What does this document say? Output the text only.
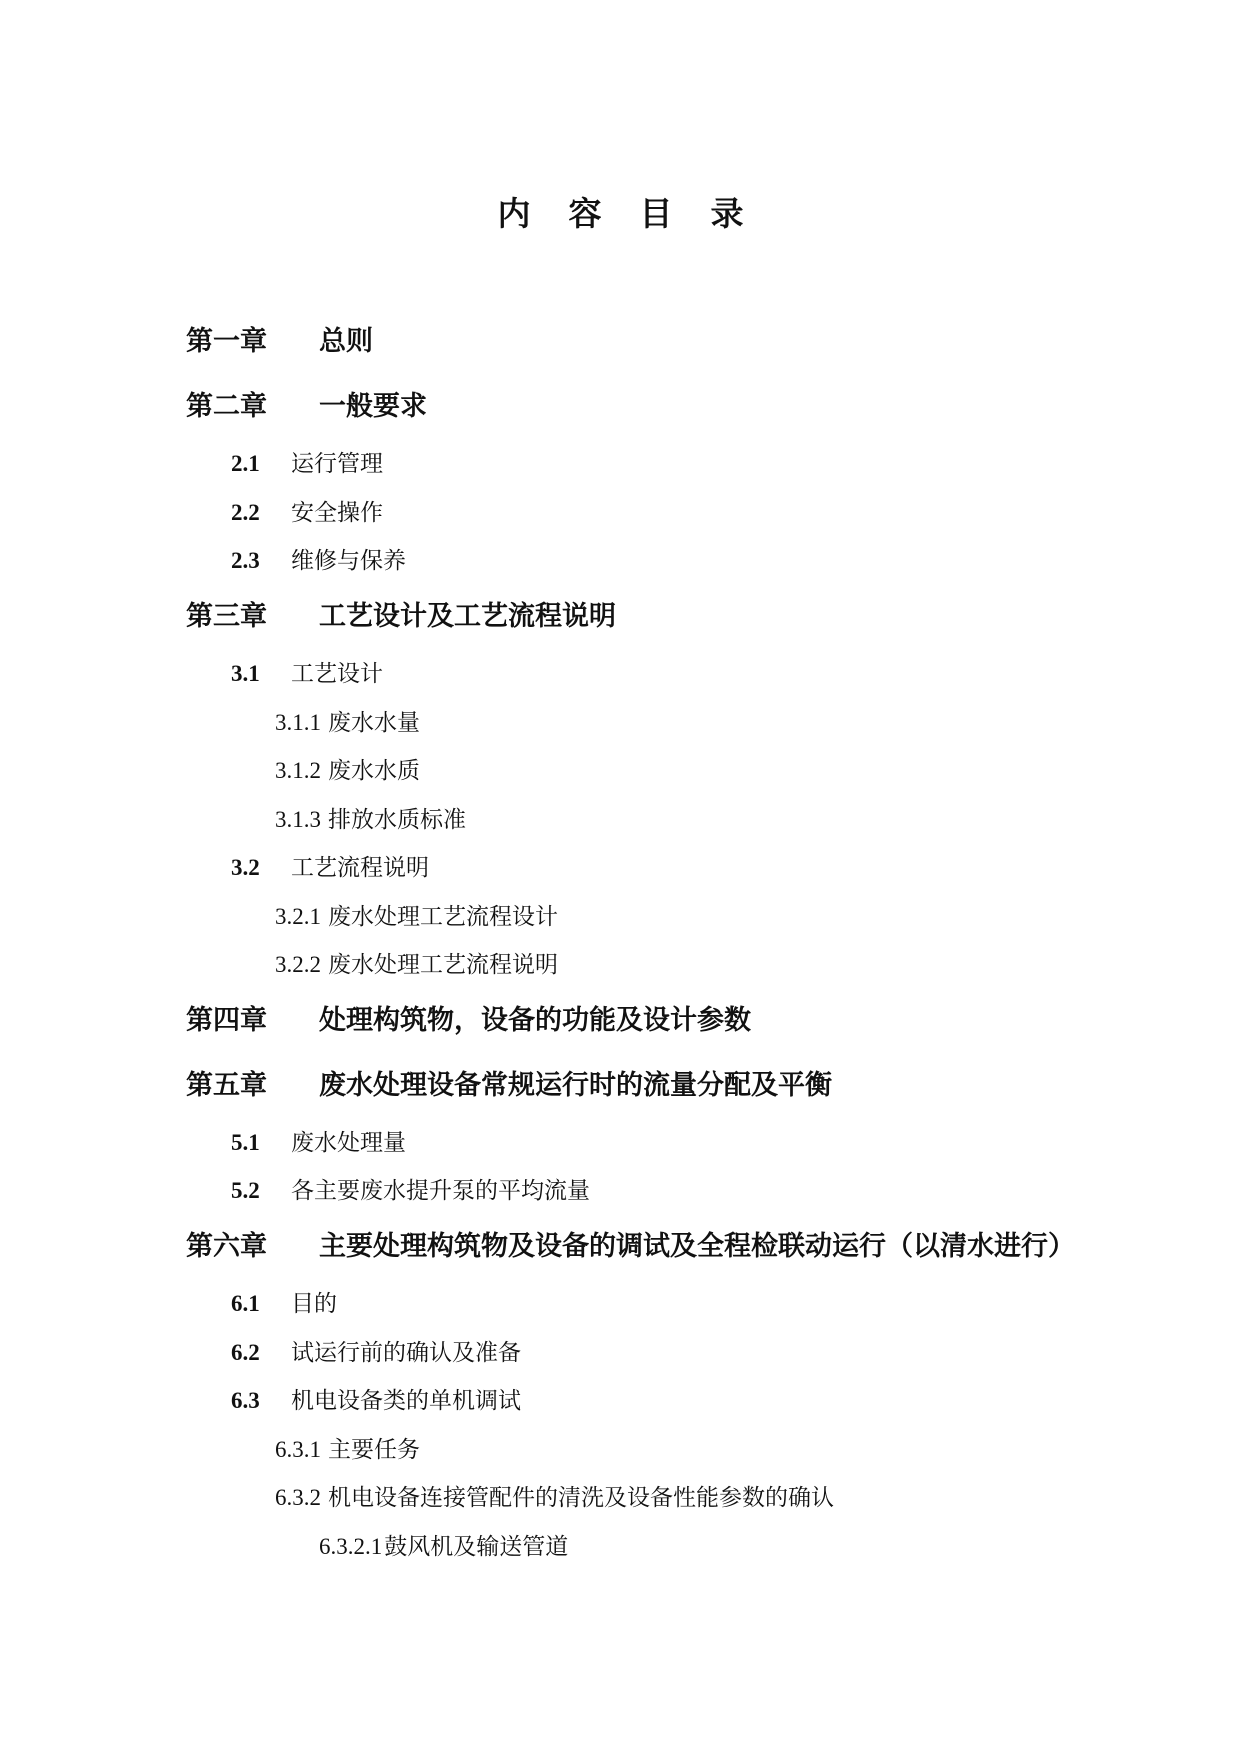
内容目录
第一章 总则
第二章 一般要求
2.1 运行管理
2.2 安全操作
2.3 维修与保养
第三章 工艺设计及工艺流程说明
3.1 工艺设计
3.1.1 废水水量
3.1.2 废水水质
3.1.3 排放水质标准
3.2 工艺流程说明
3.2.1 废水处理工艺流程设计
3.2.2 废水处理工艺流程说明
第四章 处理构筑物，设备的功能及设计参数
第五章 废水处理设备常规运行时的流量分配及平衡
5.1 废水处理量
5.2 各主要废水提升泵的平均流量
第六章 主要处理构筑物及设备的调试及全程检联动运行（以清水进行）
6.1 目的
6.2 试运行前的确认及准备
6.3 机电设备类的单机调试
6.3.1 主要任务
6.3.2 机电设备连接管配件的清洗及设备性能参数的确认
6.3.2.1鼓风机及输送管道
